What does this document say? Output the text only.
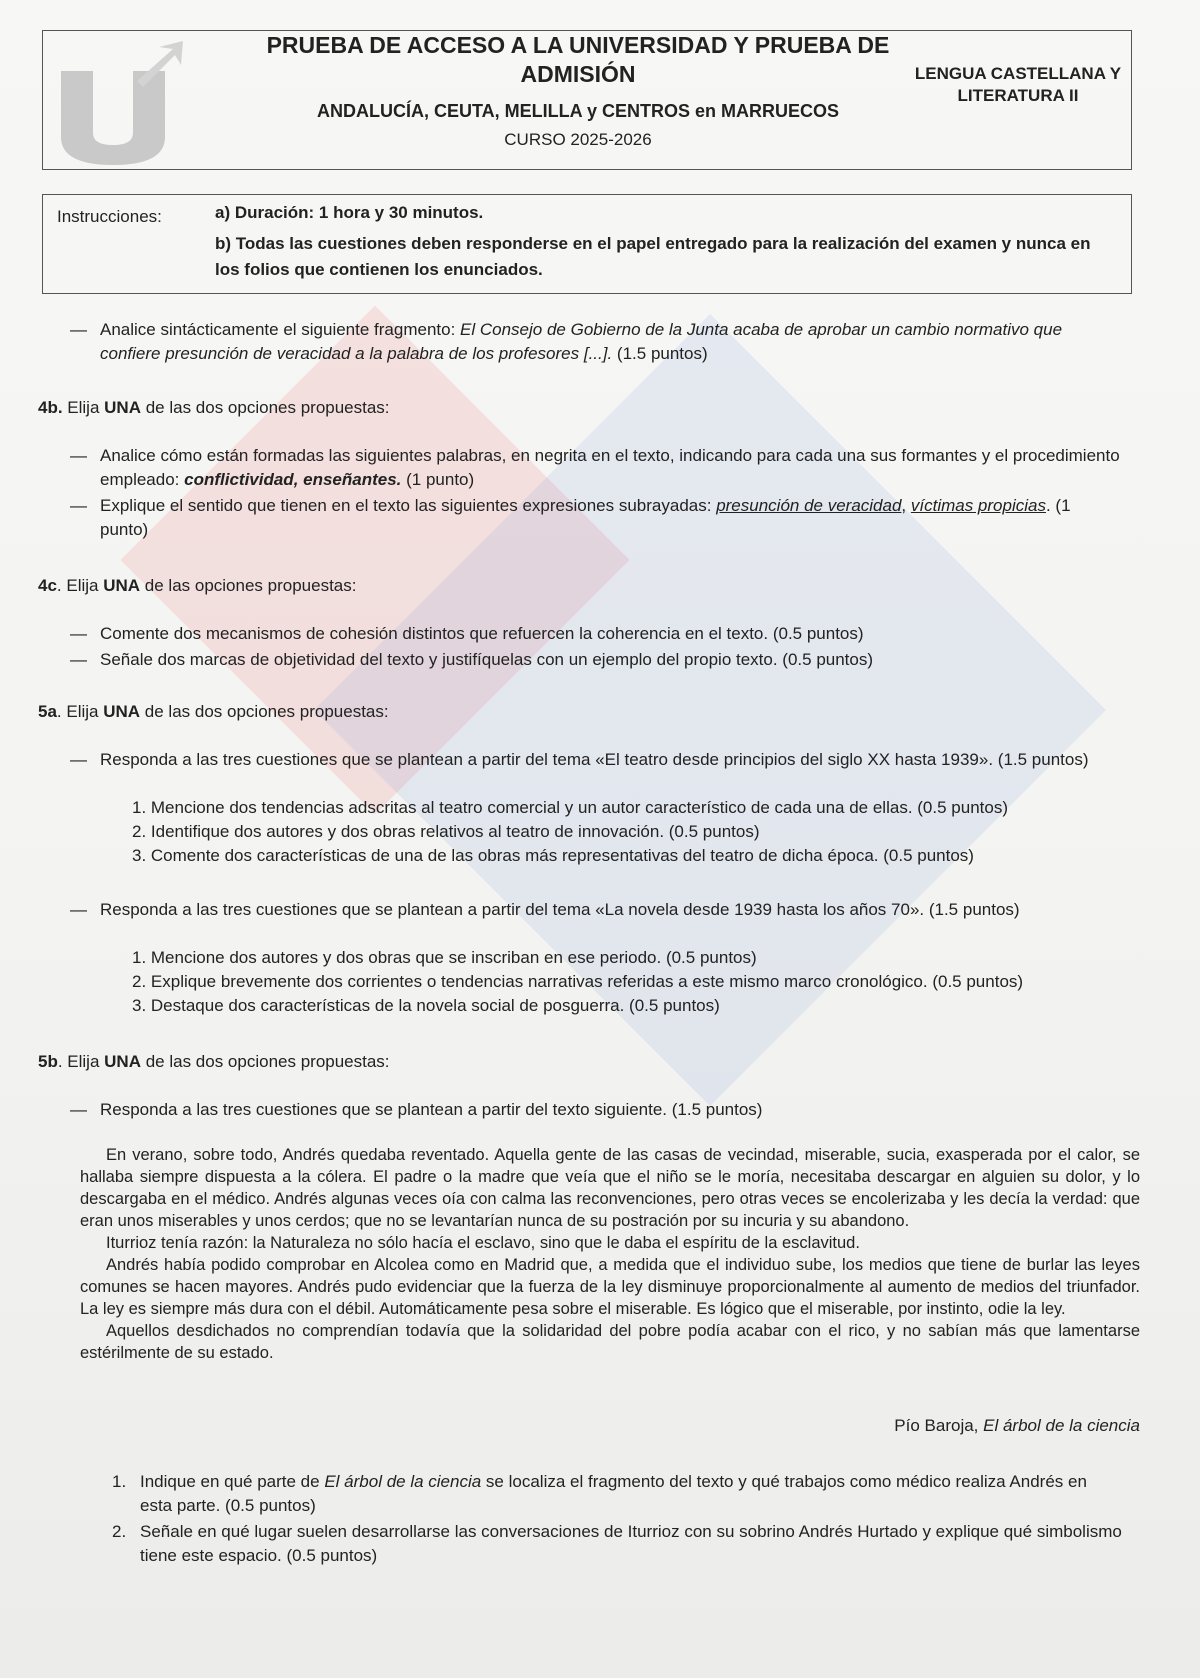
PRUEBA DE ACCESO A LA UNIVERSIDAD Y PRUEBA DE
ADMISIÓN
ANDALUCÍA, CEUTA, MELILLA y CENTROS en MARRUECOS
CURSO 2025-2026
LENGUA CASTELLANA Y
LITERATURA II
Instrucciones:	a) Duración: 1 hora y 30 minutos.
b) Todas las cuestiones deben responderse en el papel entregado para la realización del examen y nunca en los folios que contienen los enunciados.
— Analice sintácticamente el siguiente fragmento: El Consejo de Gobierno de la Junta acaba de aprobar un cambio normativo que
confiere presunción de veracidad a la palabra de los profesores [...]. (1.5 puntos)
4b. Elija UNA de las dos opciones propuestas:
— Analice cómo están formadas las siguientes palabras, en negrita en el texto, indicando para cada una sus formantes y el procedimiento
empleado: conflictividad, enseñantes. (1 punto)
— Explique el sentido que tienen en el texto las siguientes expresiones subrayadas: presunción de veracidad, víctimas propicias. (1
punto)
4c. Elija UNA de las opciones propuestas:
— Comente dos mecanismos de cohesión distintos que refuercen la coherencia en el texto. (0.5 puntos)
— Señale dos marcas de objetividad del texto y justifíquelas con un ejemplo del propio texto. (0.5 puntos)
5a. Elija UNA de las dos opciones propuestas:
— Responda a las tres cuestiones que se plantean a partir del tema «El teatro desde principios del siglo XX hasta 1939». (1.5 puntos)
1. Mencione dos tendencias adscritas al teatro comercial y un autor característico de cada una de ellas. (0.5 puntos)
2. Identifique dos autores y dos obras relativos al teatro de innovación. (0.5 puntos)
3. Comente dos características de una de las obras más representativas del teatro de dicha época. (0.5 puntos)
— Responda a las tres cuestiones que se plantean a partir del tema «La novela desde 1939 hasta los años 70». (1.5 puntos)
1. Mencione dos autores y dos obras que se inscriban en ese periodo. (0.5 puntos)
2. Explique brevemente dos corrientes o tendencias narrativas referidas a este mismo marco cronológico. (0.5 puntos)
3. Destaque dos características de la novela social de posguerra. (0.5 puntos)
5b. Elija UNA de las dos opciones propuestas:
— Responda a las tres cuestiones que se plantean a partir del texto siguiente. (1.5 puntos)

En verano, sobre todo, Andrés quedaba reventado. Aquella gente de las casas de vecindad, miserable, sucia, exasperada por el calor, se hallaba siempre dispuesta a la cólera. El padre o la madre que veía que el niño se le moría, necesitaba descargar en alguien su dolor, y lo descargaba en el médico. Andrés algunas veces oía con calma las reconvenciones, pero otras veces se encolerizaba y les decía la verdad: que eran unos miserables y unos cerdos; que no se levantarían nunca de su postración por su incuria y su abandono.

Iturrioz tenía razón: la Naturaleza no sólo hacía el esclavo, sino que le daba el espíritu de la esclavitud.

Andrés había podido comprobar en Alcolea como en Madrid que, a medida que el individuo sube, los medios que tiene de burlar las leyes comunes se hacen mayores. Andrés pudo evidenciar que la fuerza de la ley disminuye proporcionalmente al aumento de medios del triunfador. La ley es siempre más dura con el débil. Automáticamente pesa sobre el miserable. Es lógico que el miserable, por instinto, odie la ley.

Aquellos desdichados no comprendían todavía que la solidaridad del pobre podía acabar con el rico, y no sabían más que lamentarse estérilmente de su estado.

Pío Baroja, El árbol de la ciencia
1. Indique en qué parte de El árbol de la ciencia se localiza el fragmento del texto y qué trabajos como médico realiza Andrés en
esta parte. (0.5 puntos)
2. Señale en qué lugar suelen desarrollarse las conversaciones de Iturrioz con su sobrino Andrés Hurtado y explique qué simbolismo
tiene este espacio. (0.5 puntos)
